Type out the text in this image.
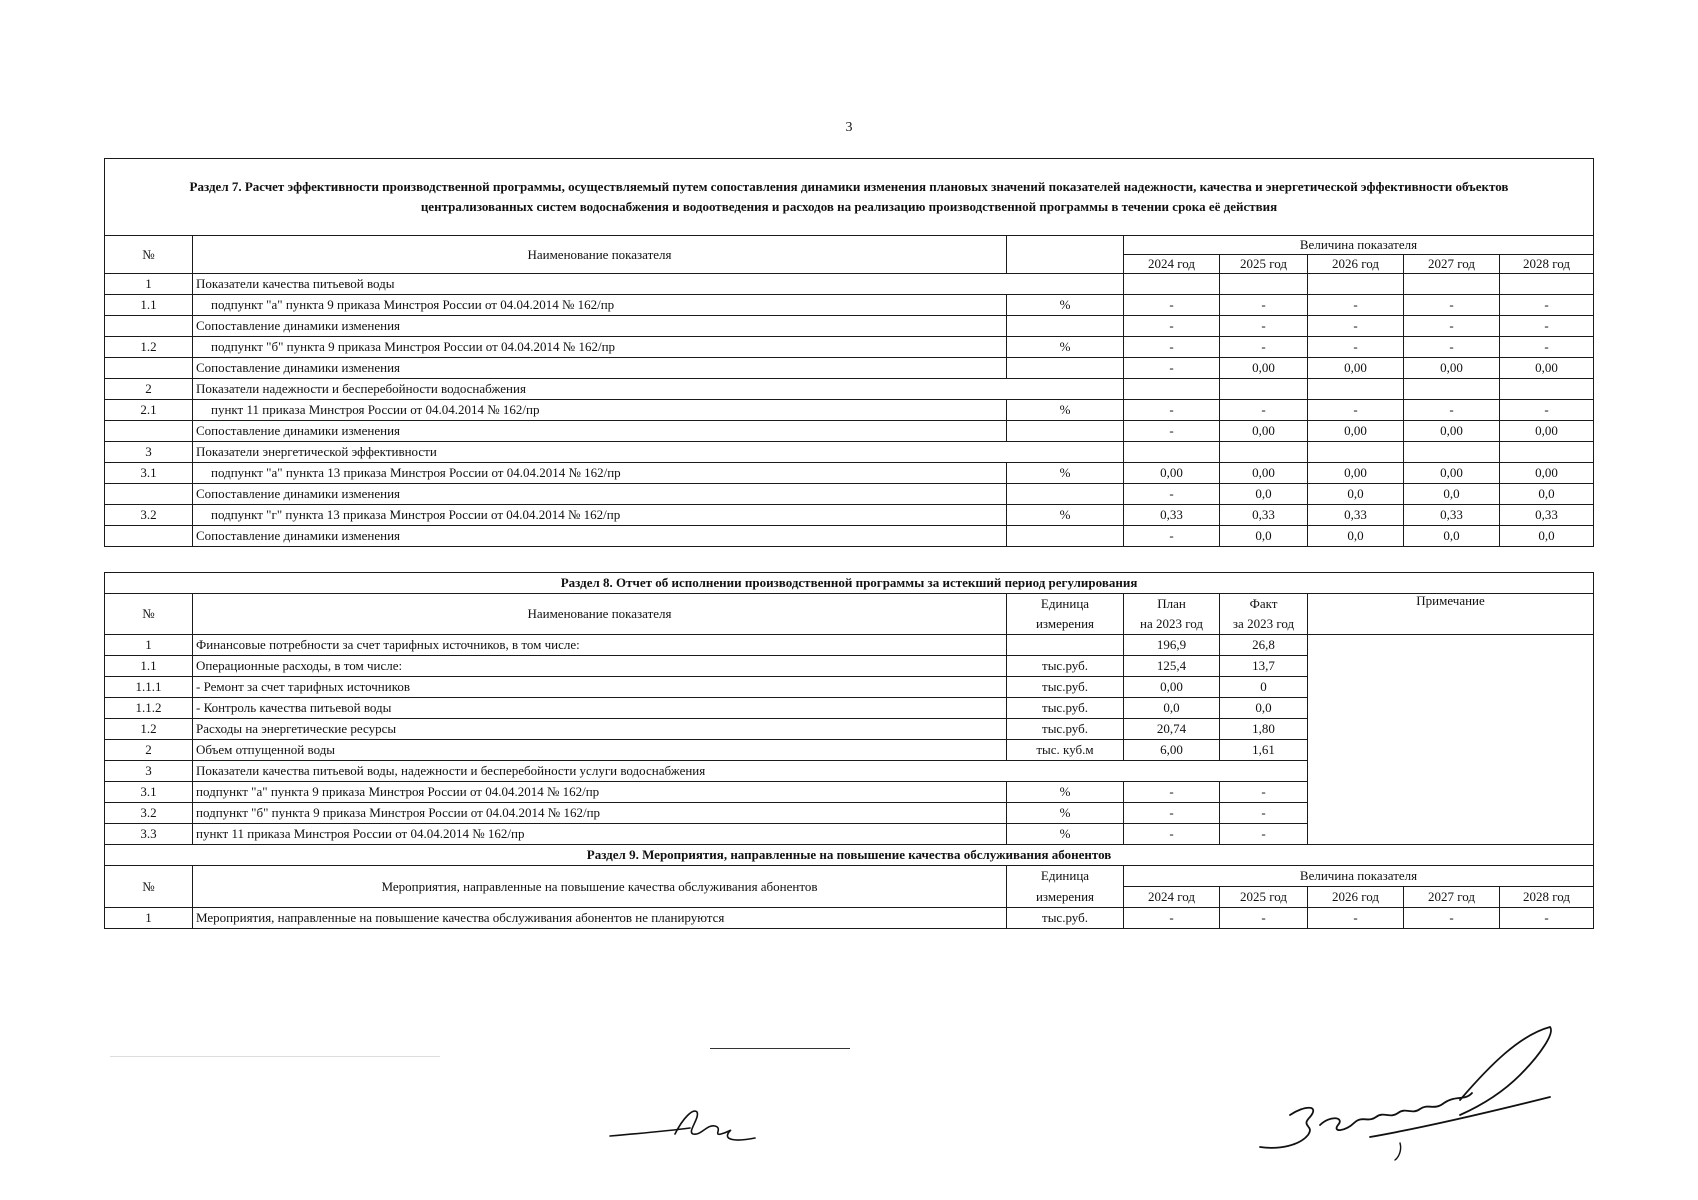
3
Раздел 7. Расчет эффективности производственной программы, осуществляемый путем сопоставления динамики изменения плановых значений показателей надежности, качества и энергетической эффективности объектов централизованных систем водоснабжения и водоотведения и расходов на реализацию производственной программы в течении срока её действия							
№	Наименование показателя		Величина показателя				
			2024 год	2025 год	2026 год	2027 год	2028 год
1	Показатели качества питьевой воды						
1.1	подпункт "а" пункта 9 приказа Минстроя России от 04.04.2014 № 162/пр	%	-	-	-	-	-
	Сопоставление динамики изменения		-	-	-	-	-
1.2	подпункт "б" пункта 9 приказа Минстроя России от 04.04.2014 № 162/пр	%	-	-	-	-	-
	Сопоставление динамики изменения		-	0,00	0,00	0,00	0,00
2	Показатели надежности и бесперебойности водоснабжения						
2.1	пункт 11 приказа Минстроя России от 04.04.2014 № 162/пр	%	-	-	-	-	-
	Сопоставление динамики изменения		-	0,00	0,00	0,00	0,00
3	Показатели энергетической эффективности						
3.1	подпункт "а" пункта 13 приказа Минстроя России от 04.04.2014 № 162/пр	%	0,00	0,00	0,00	0,00	0,00
	Сопоставление динамики изменения		-	0,0	0,0	0,0	0,0
3.2	подпункт "г" пункта 13 приказа Минстроя России от 04.04.2014 № 162/пр	%	0,33	0,33	0,33	0,33	0,33
	Сопоставление динамики изменения		-	0,0	0,0	0,0	0,0
Раздел 8. Отчет об исполнении производственной программы за истекший период регулирования							
№	Наименование показателя	Единица	План	Факт	Примечание		
		измерения	на 2023 год	за 2023 год			
1	Финансовые потребности за счет тарифных источников, в том числе:		196,9	26,8			
1.1	Операционные расходы, в том числе:	тыс.руб.	125,4	13,7			
1.1.1	- Ремонт за счет тарифных источников	тыс.руб.	0,00	0			
1.1.2	- Контроль качества питьевой воды	тыс.руб.	0,0	0,0			
1.2	Расходы на энергетические ресурсы	тыс.руб.	20,74	1,80			
2	Объем отпущенной воды	тыс. куб.м	6,00	1,61			
3	Показатели качества питьевой воды, надежности и бесперебойности услуги водоснабжения						
3.1	подпункт "а" пункта 9 приказа Минстроя России от 04.04.2014 № 162/пр	%	-	-			
3.2	подпункт "б" пункта 9 приказа Минстроя России от 04.04.2014 № 162/пр	%	-	-			
3.3	пункт 11 приказа Минстроя России от 04.04.2014 № 162/пр	%	-	-			
Раздел 9. Мероприятия, направленные на повышение качества обслуживания абонентов							
№	Мероприятия, направленные на повышение качества обслуживания абонентов	Единица	Величина показателя				
		измерения	2024 год	2025 год	2026 год	2027 год	2028 год
1	Мероприятия, направленные на повышение качества обслуживания абонентов не планируются	тыс.руб.	-	-	-	-	-
